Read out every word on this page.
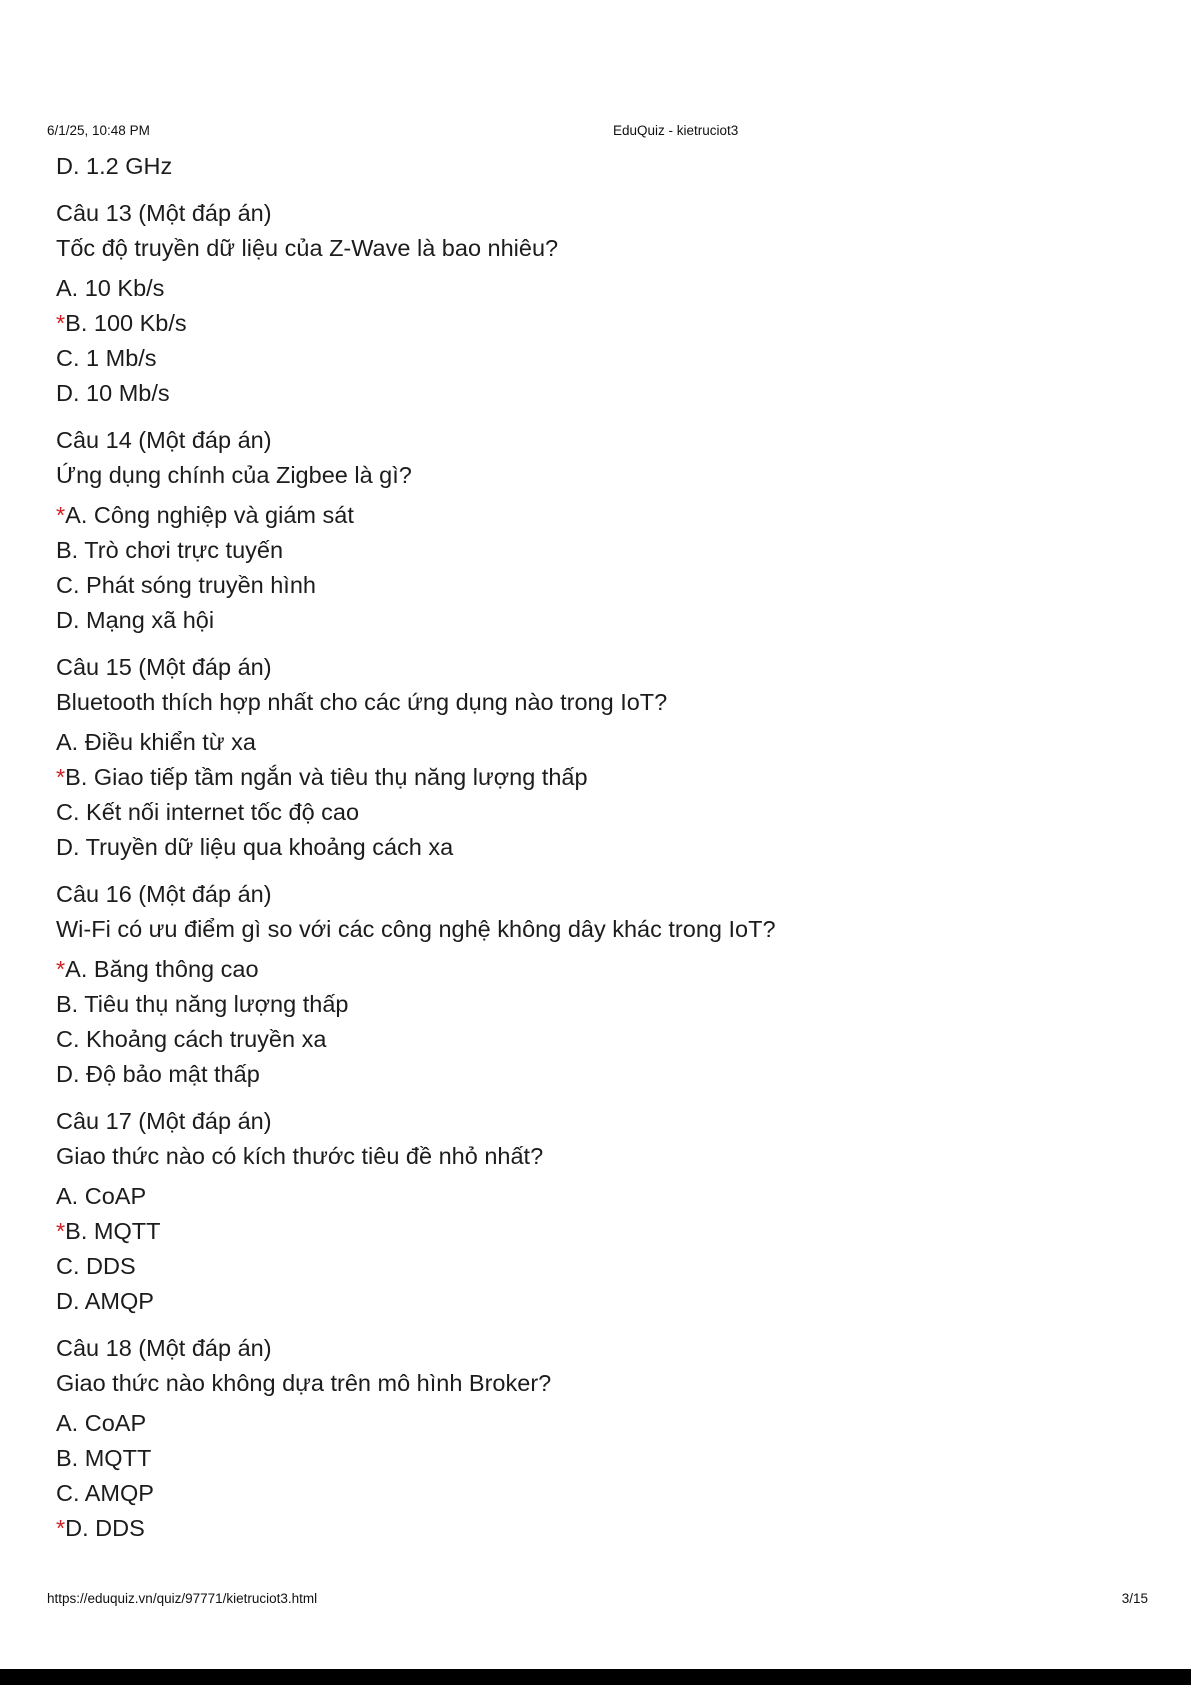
6/1/25, 10:48 PM	EduQuiz - kietruciot3
D. 1.2 GHz
Câu 13 (Một đáp án)
Tốc độ truyền dữ liệu của Z-Wave là bao nhiêu?
A. 10 Kb/s
*B. 100 Kb/s
C. 1 Mb/s
D. 10 Mb/s
Câu 14 (Một đáp án)
Ứng dụng chính của Zigbee là gì?
*A. Công nghiệp và giám sát
B. Trò chơi trực tuyến
C. Phát sóng truyền hình
D. Mạng xã hội
Câu 15 (Một đáp án)
Bluetooth thích hợp nhất cho các ứng dụng nào trong IoT?
A. Điều khiển từ xa
*B. Giao tiếp tầm ngắn và tiêu thụ năng lượng thấp
C. Kết nối internet tốc độ cao
D. Truyền dữ liệu qua khoảng cách xa
Câu 16 (Một đáp án)
Wi-Fi có ưu điểm gì so với các công nghệ không dây khác trong IoT?
*A. Băng thông cao
B. Tiêu thụ năng lượng thấp
C. Khoảng cách truyền xa
D. Độ bảo mật thấp
Câu 17 (Một đáp án)
Giao thức nào có kích thước tiêu đề nhỏ nhất?
A. CoAP
*B. MQTT
C. DDS
D. AMQP
Câu 18 (Một đáp án)
Giao thức nào không dựa trên mô hình Broker?
A. CoAP
B. MQTT
C. AMQP
*D. DDS
https://eduquiz.vn/quiz/97771/kietruciot3.html	3/15
